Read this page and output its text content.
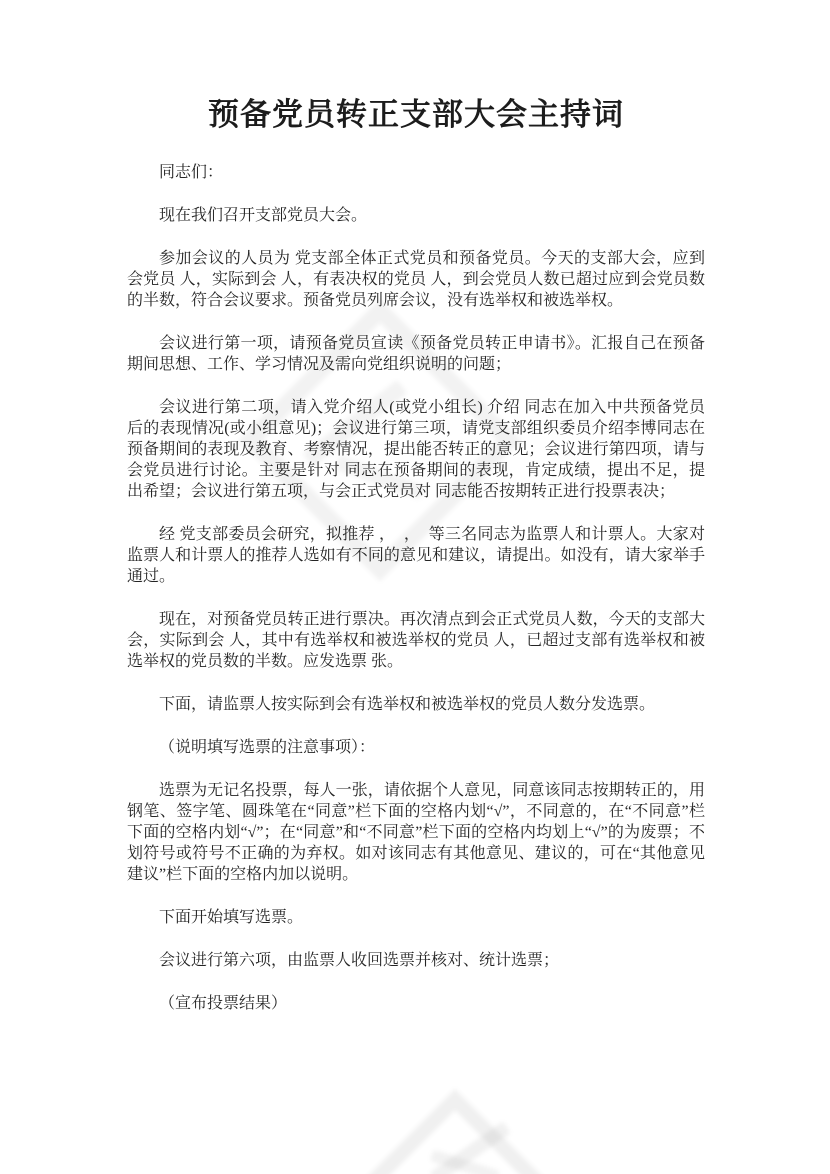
预备党员转正支部大会主持词

同志们：

现在我们召开支部党员大会。

参加会议的人员为 党支部全体正式党员和预备党员。今天的支部大会，应到会党员 人，实际到会 人，有表决权的党员 人，到会党员人数已超过应到会党员数的半数，符合会议要求。预备党员列席会议，没有选举权和被选举权。

会议进行第一项，请预备党员宣读《预备党员转正申请书》。汇报自己在预备期间思想、工作、学习情况及需向党组织说明的问题；

会议进行第二项，请入党介绍人(或党小组长) 介绍 同志在加入中共预备党员后的表现情况(或小组意见)；会议进行第三项，请党支部组织委员介绍李博同志在预备期间的表现及教育、考察情况，提出能否转正的意见；会议进行第四项，请与会党员进行讨论。主要是针对 同志在预备期间的表现，肯定成绩，提出不足，提出希望；会议进行第五项，与会正式党员对 同志能否按期转正进行投票表决；

经 党支部委员会研究，拟推荐 ，  ，  等三名同志为监票人和计票人。大家对监票人和计票人的推荐人选如有不同的意见和建议，请提出。如没有，请大家举手通过。

现在，对预备党员转正进行票决。再次清点到会正式党员人数，今天的支部大会，实际到会 人，其中有选举权和被选举权的党员 人，已超过支部有选举权和被选举权的党员数的半数。应发选票 张。

下面，请监票人按实际到会有选举权和被选举权的党员人数分发选票。

（说明填写选票的注意事项）：

选票为无记名投票，每人一张，请依据个人意见，同意该同志按期转正的，用钢笔、签字笔、圆珠笔在“同意”栏下面的空格内划“√”，不同意的，在“不同意”栏下面的空格内划“√”；在“同意”和“不同意”栏下面的空格内均划上“√”的为废票；不划符号或符号不正确的为弃权。如对该同志有其他意见、建议的，可在“其他意见建议”栏下面的空格内加以说明。

下面开始填写选票。

会议进行第六项，由监票人收回选票并核对、统计选票；

（宣布投票结果）
